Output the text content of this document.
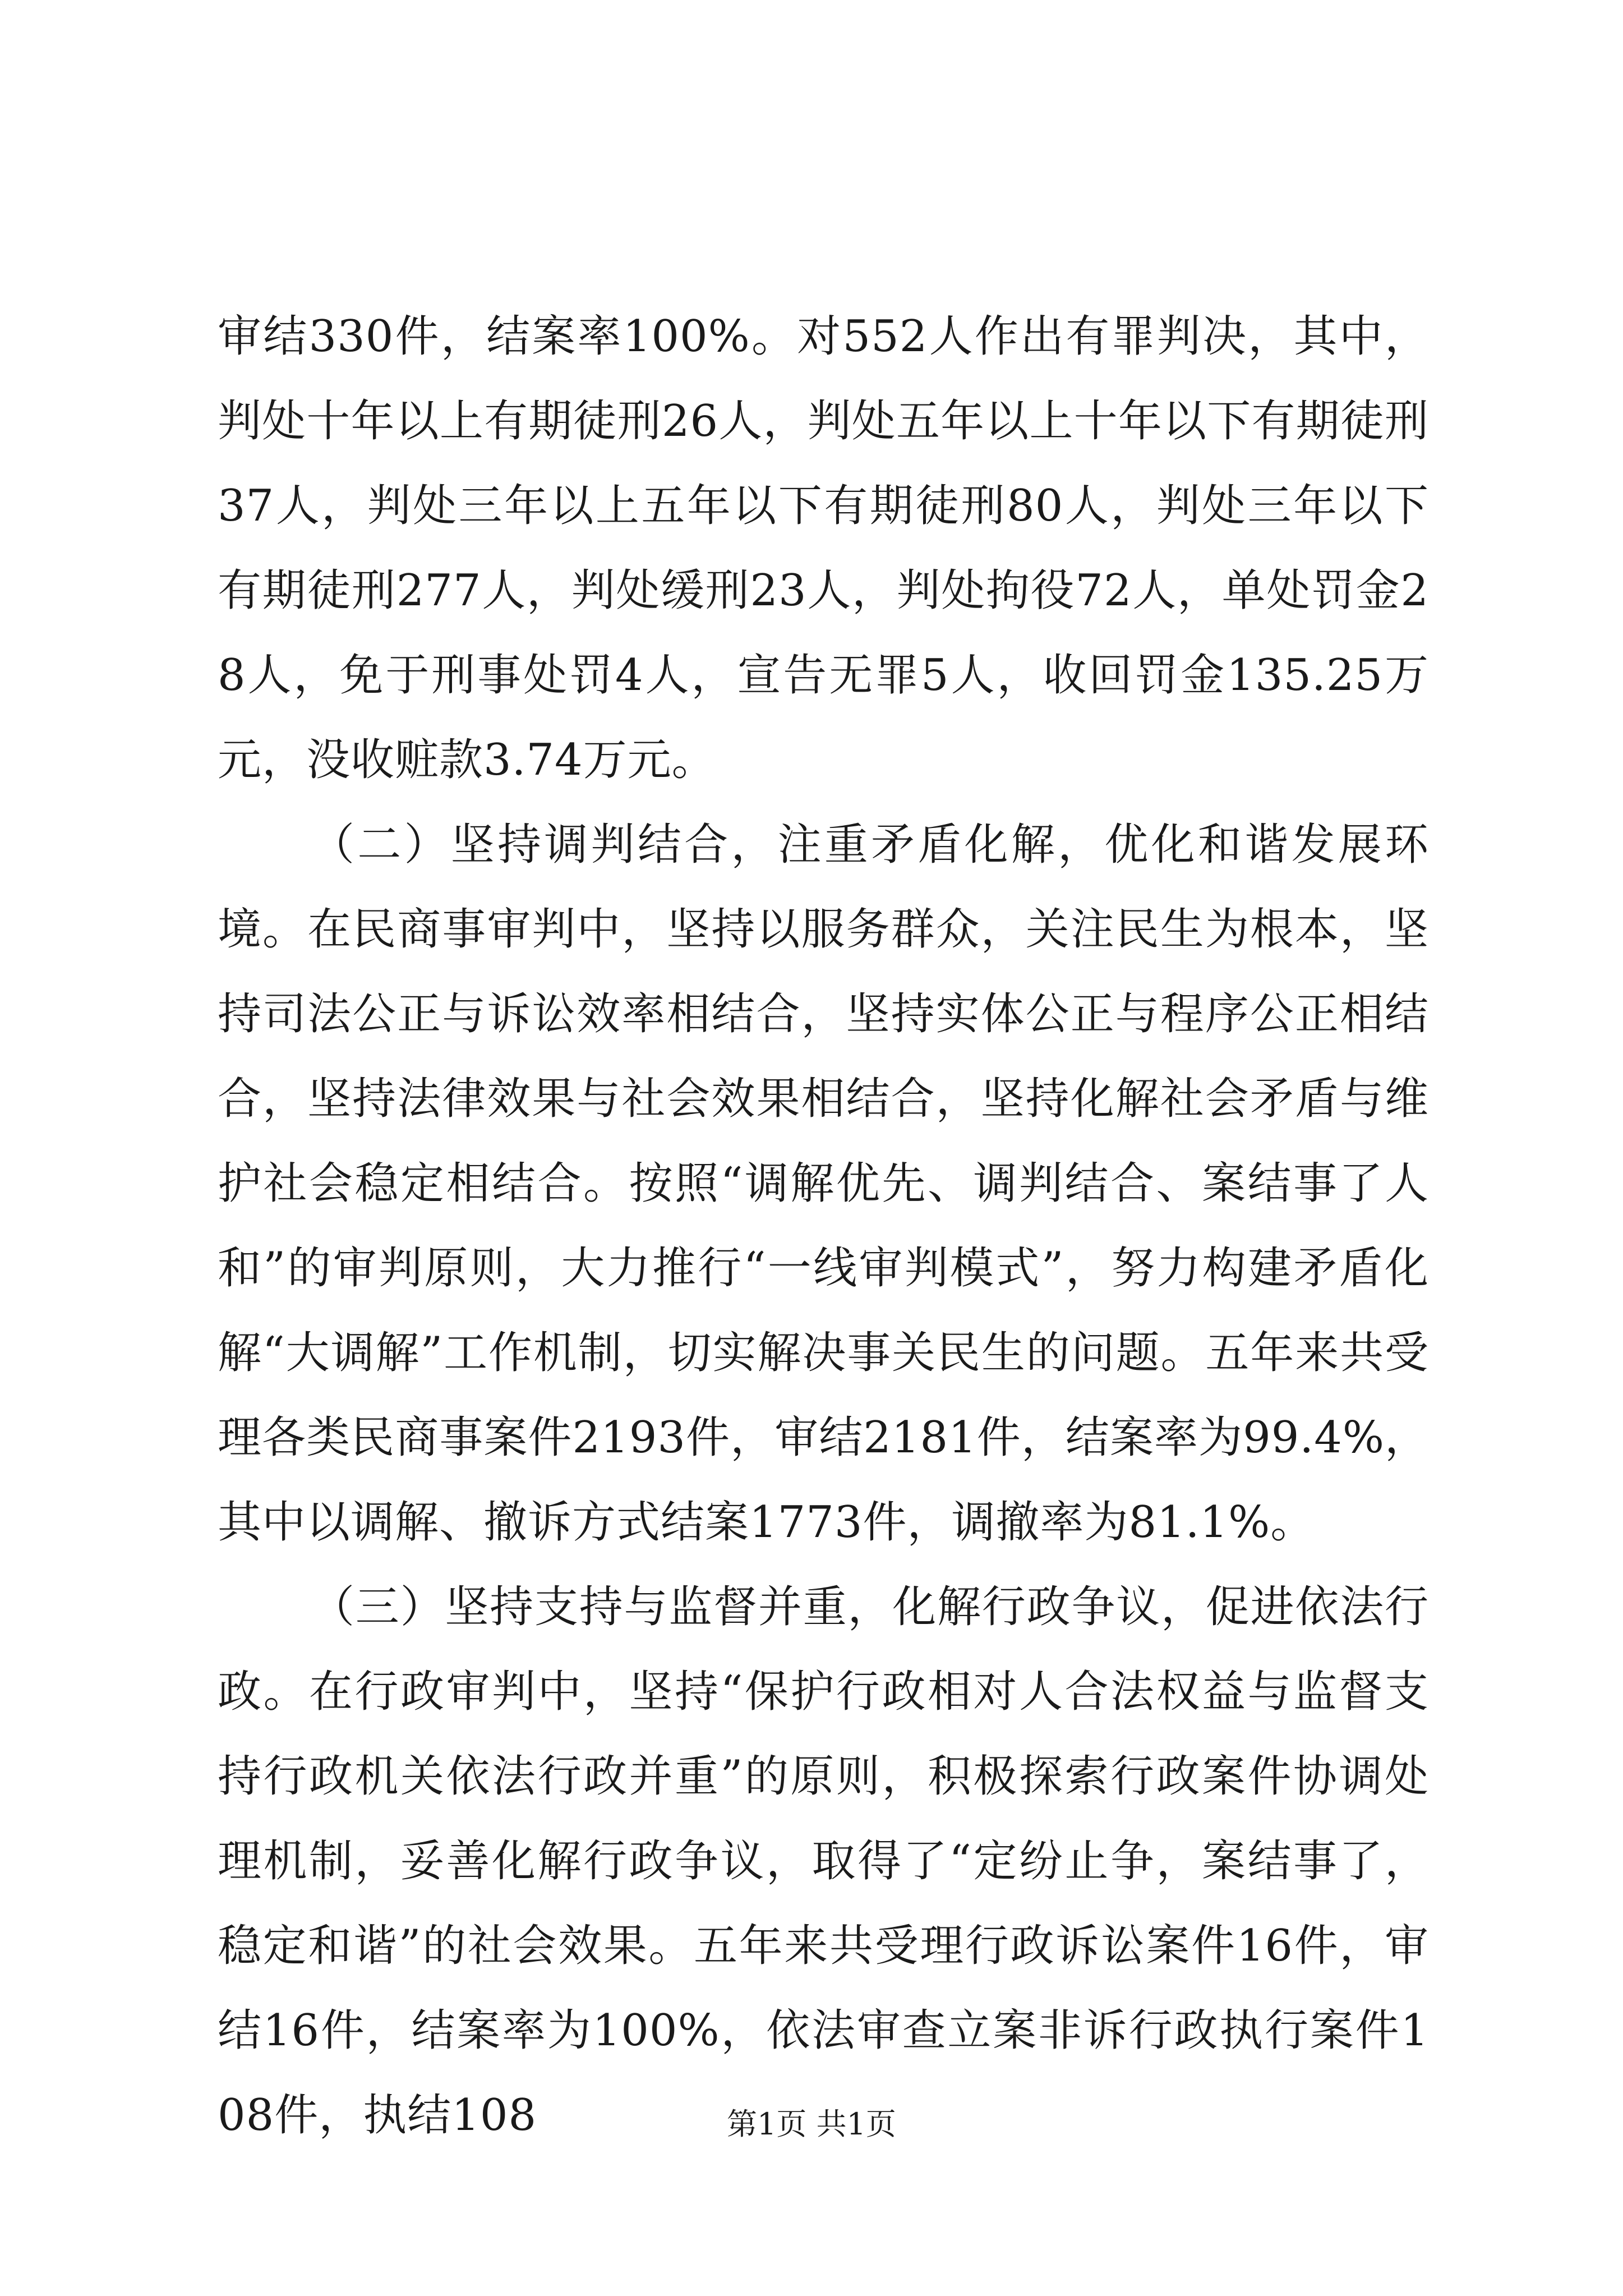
审结330件，结案率100%。对552人作出有罪判决，其中，判处十年以上有期徒刑26人，判处五年以上十年以下有期徒刑37人，判处三年以上五年以下有期徒刑80人，判处三年以下有期徒刑277人，判处缓刑23人，判处拘役72人，单处罚金28人，免于刑事处罚4人，宣告无罪5人，收回罚金135.25万元，没收赃款3.74万元。

（二）坚持调判结合，注重矛盾化解，优化和谐发展环境。在民商事审判中，坚持以服务群众，关注民生为根本，坚持司法公正与诉讼效率相结合，坚持实体公正与程序公正相结合，坚持法律效果与社会效果相结合，坚持化解社会矛盾与维护社会稳定相结合。按照“调解优先、调判结合、案结事了人和”的审判原则，大力推行“一线审判模式”，努力构建矛盾化解“大调解”工作机制，切实解决事关民生的问题。五年来共受理各类民商事案件2193件，审结2181件，结案率为99.4%，其中以调解、撤诉方式结案1773件，调撤率为81.1%。

（三）坚持支持与监督并重，化解行政争议，促进依法行政。在行政审判中，坚持“保护行政相对人合法权益与监督支持行政机关依法行政并重”的原则，积极探索行政案件协调处理机制，妥善化解行政争议，取得了“定纷止争，案结事了，稳定和谐”的社会效果。五年来共受理行政诉讼案件16件，审结16件，结案率为100%，依法审查立案非诉行政执行案件108件，执结108	第1页 共1页
